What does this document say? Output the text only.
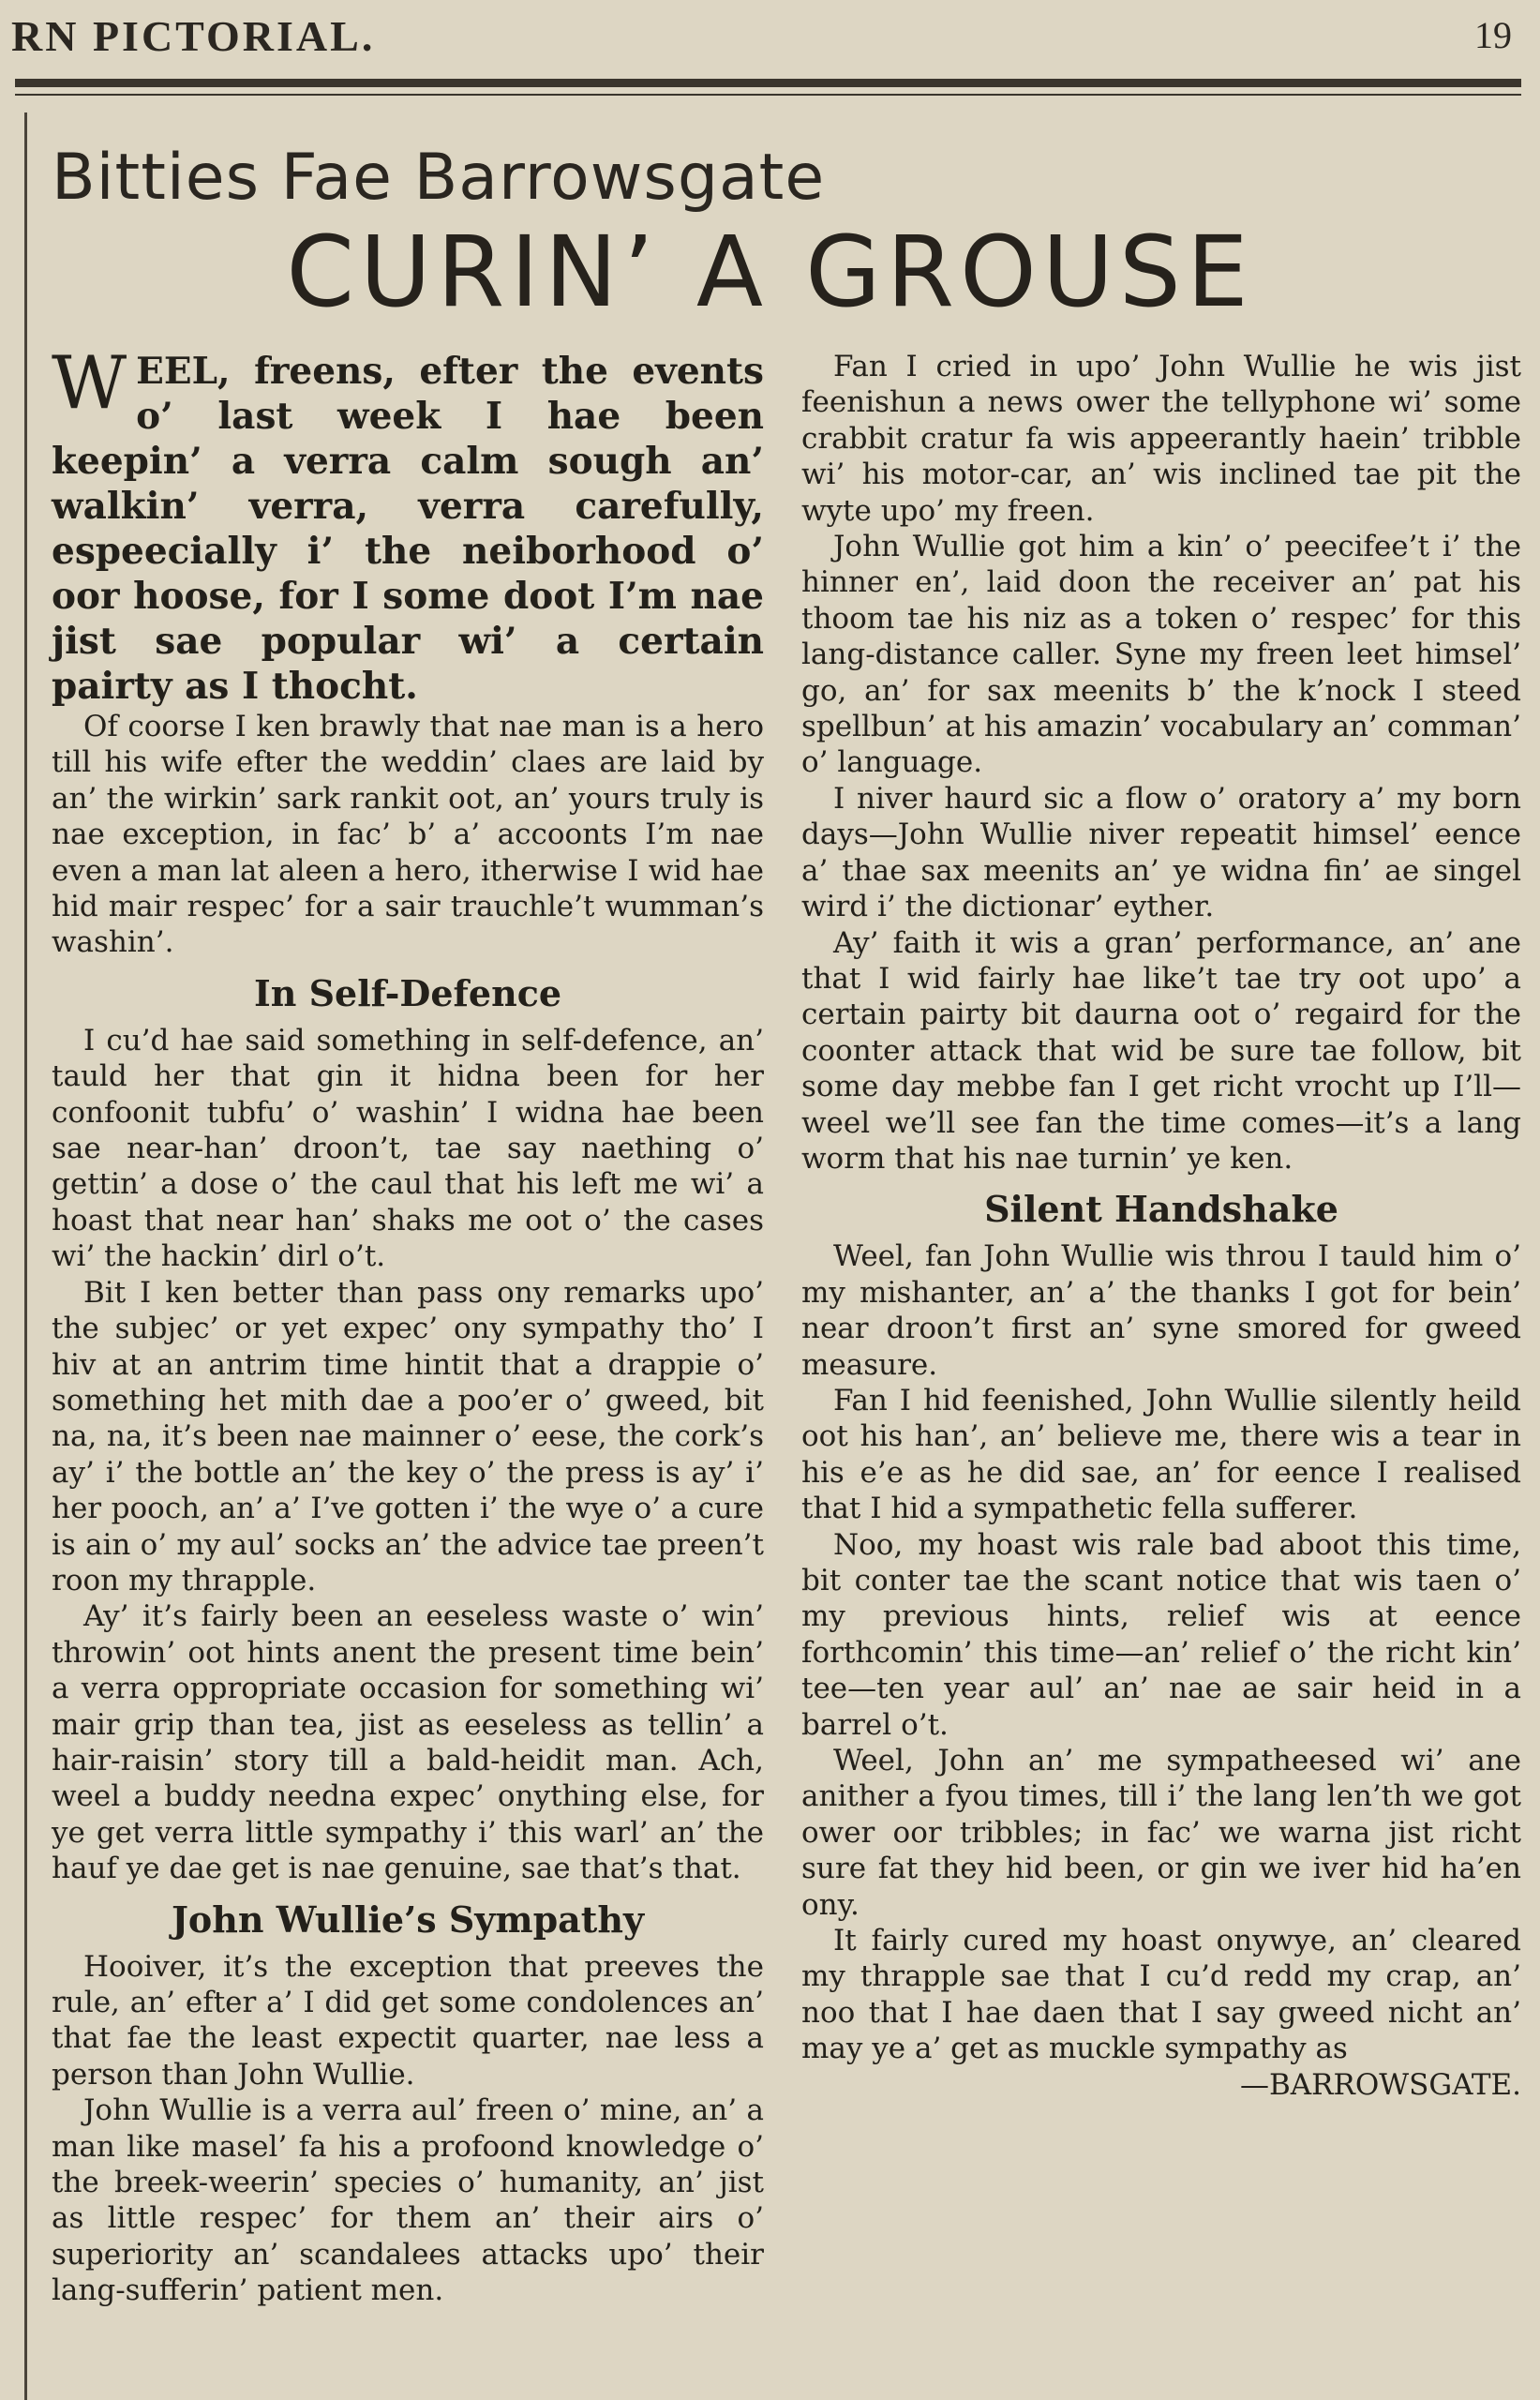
RN PICTORIAL.	19
Bitties Fae Barrowsgate
CURIN’ A GROUSE

WEEL, freens, efter the events o’ last week I hae been keepin’ a verra calm sough an’ walkin’ verra, verra carefully, espeecially i’ the neiborhood o’ oor hoose, for I some doot I’m nae jist sae popular wi’ a certain pairty as I thocht.

Of coorse I ken brawly that nae man is a hero till his wife efter the weddin’ claes are laid by an’ the wirkin’ sark rankit oot, an’ yours truly is nae exception, in fac’ b’ a’ accoonts I’m nae even a man lat aleen a hero, itherwise I wid hae hid mair respec’ for a sair trauchle’t wumman’s washin’.

In Self-Defence

I cu’d hae said something in self-defence, an’ tauld her that gin it hidna been for her confoonit tubfu’ o’ washin’ I widna hae been sae near-han’ droon’t, tae say naething o’ gettin’ a dose o’ the caul that his left me wi’ a hoast that near han’ shaks me oot o’ the cases wi’ the hackin’ dirl o’t.

Bit I ken better than pass ony remarks upo’ the subjec’ or yet expec’ ony sympathy tho’ I hiv at an antrim time hintit that a drappie o’ something het mith dae a poo’er o’ gweed, bit na, na, it’s been nae mainner o’ eese, the cork’s ay’ i’ the bottle an’ the key o’ the press is ay’ i’ her pooch, an’ a’ I’ve gotten i’ the wye o’ a cure is ain o’ my aul’ socks an’ the advice tae preen’t roon my thrapple.

Ay’ it’s fairly been an eeseless waste o’ win’ throwin’ oot hints anent the present time bein’ a verra oppropriate occasion for something wi’ mair grip than tea, jist as eeseless as tellin’ a hair-raisin’ story till a bald-heidit man. Ach, weel a buddy needna expec’ onything else, for ye get verra little sympathy i’ this warl’ an’ the hauf ye dae get is nae genuine, sae that’s that.

John Wullie’s Sympathy

Hooiver, it’s the exception that preeves the rule, an’ efter a’ I did get some condolences an’ that fae the least expectit quarter, nae less a person than John Wullie.

John Wullie is a verra aul’ freen o’ mine, an’ a man like masel’ fa his a profoond knowledge o’ the breek-weerin’ species o’ humanity, an’ jist as little respec’ for them an’ their airs o’ superiority an’ scandalees attacks upo’ their lang-sufferin’ patient men.

Fan I cried in upo’ John Wullie he wis jist feenishun a news ower the tellyphone wi’ some crabbit cratur fa wis appeerantly haein’ tribble wi’ his motor-car, an’ wis inclined tae pit the wyte upo’ my freen.

John Wullie got him a kin’ o’ peecifee’t i’ the hinner en’, laid doon the receiver an’ pat his thoom tae his niz as a token o’ respec’ for this lang-distance caller. Syne my freen leet himsel’ go, an’ for sax meenits b’ the k’nock I steed spellbun’ at his amazin’ vocabulary an’ comman’ o’ language.

I niver haurd sic a flow o’ oratory a’ my born days—John Wullie niver repeatit himsel’ eence a’ thae sax meenits an’ ye widna fin’ ae singel wird i’ the dictionar’ eyther.

Ay’ faith it wis a gran’ performance, an’ ane that I wid fairly hae like’t tae try oot upo’ a certain pairty bit daurna oot o’ regaird for the coonter attack that wid be sure tae follow, bit some day mebbe fan I get richt vrocht up I’ll—weel we’ll see fan the time comes—it’s a lang worm that his nae turnin’ ye ken.

Silent Handshake

Weel, fan John Wullie wis throu I tauld him o’ my mishanter, an’ a’ the thanks I got for bein’ near droon’t first an’ syne smored for gweed measure.

Fan I hid feenished, John Wullie silently heild oot his han’, an’ believe me, there wis a tear in his e’e as he did sae, an’ for eence I realised that I hid a sympathetic fella sufferer.

Noo, my hoast wis rale bad aboot this time, bit conter tae the scant notice that wis taen o’ my previous hints, relief wis at eence forthcomin’ this time—an’ relief o’ the richt kin’ tee—ten year aul’ an’ nae ae sair heid in a barrel o’t.

Weel, John an’ me sympatheesed wi’ ane anither a fyou times, till i’ the lang len’th we got ower oor tribbles; in fac’ we warna jist richt sure fat they hid been, or gin we iver hid ha’en ony.

It fairly cured my hoast onywye, an’ cleared my thrapple sae that I cu’d redd my crap, an’ noo that I hae daen that I say gweed nicht an’ may ye a’ get as muckle sympathy as

—BARROWSGATE.
